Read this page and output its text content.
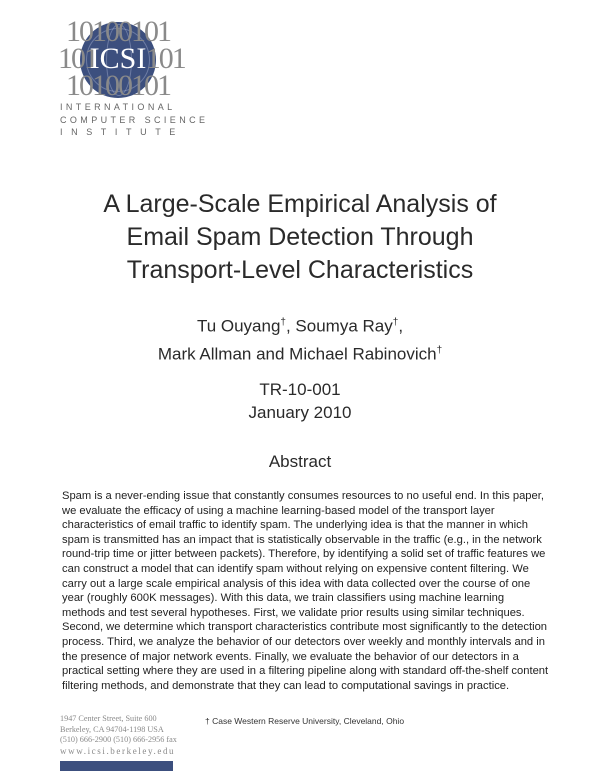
10100101
101 101
10100101
ICSI
INTERNATIONAL
COMPUTER SCIENCE
INSTITUTE
A Large-Scale Empirical Analysis of
Email Spam Detection Through
Transport-Level Characteristics
Tu Ouyang†, Soumya Ray†,
Mark Allman and Michael Rabinovich†
TR-10-001
January 2010
Abstract
Spam is a never-ending issue that constantly consumes resources to no useful end. In this paper, we evaluate the efficacy of using a machine learning-based model of the transport layer characteristics of email traffic to identify spam. The underlying idea is that the manner in which spam is transmitted has an impact that is statistically observable in the traffic (e.g., in the network round-trip time or jitter between packets). Therefore, by identifying a solid set of traffic features we can construct a model that can identify spam without relying on expensive content filtering. We carry out a large scale empirical analysis of this idea with data collected over the course of one year (roughly 600K messages). With this data, we train classifiers using machine learning methods and test several hypotheses. First, we validate prior results using similar techniques. Second, we determine which transport characteristics contribute most significantly to the detection process. Third, we analyze the behavior of our detectors over weekly and monthly intervals and in the presence of major network events. Finally, we evaluate the behavior of our detectors in a practical setting where they are used in a filtering pipeline along with standard off-the-shelf content filtering methods, and demonstrate that they can lead to computational savings in practice.
1947 Center Street, Suite 600
Berkeley, CA 94704-1198 USA
(510) 666-2900 (510) 666-2956 fax
www.icsi.berkeley.edu
† Case Western Reserve University, Cleveland, Ohio
